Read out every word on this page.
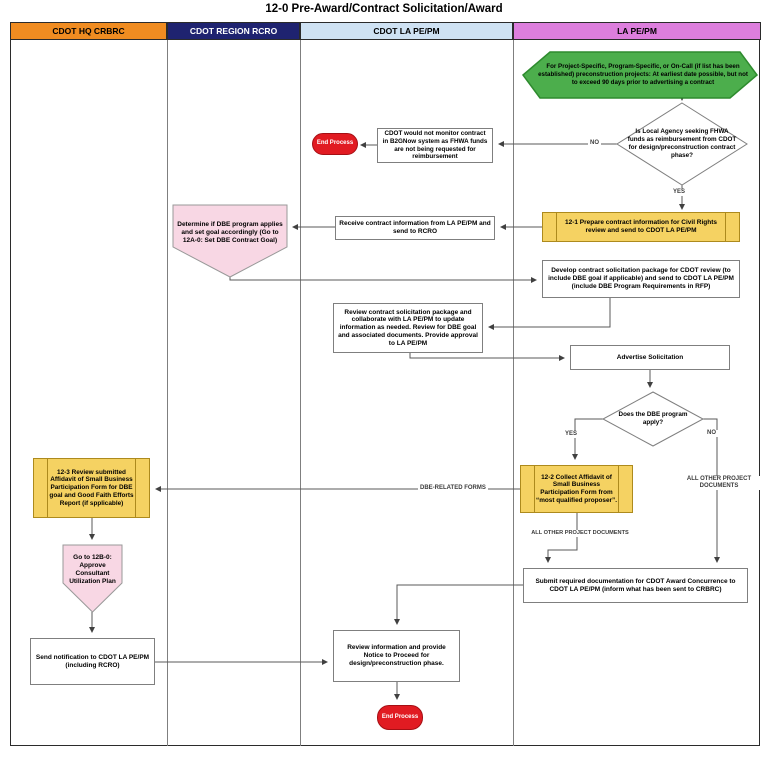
12-0 Pre-Award/Contract Solicitation/Award
CDOT HQ CRBRC	CDOT REGION RCRO	CDOT LA PE/PM	LA PE/PM
For Project-Specific, Program-Specific, or On-Call (if list has been established) preconstruction projects: At earliest date possible, but not to exceed 90 days prior to advertising a contract
Is Local Agency seeking FHWA funds as reimbursement from CDOT for design/preconstruction contract phase?
Does the DBE program apply?
Determine if DBE program applies and set goal accordingly (Go to 12A-0: Set DBE Contract Goal)
Go to 12B-0: Approve Consultant Utilization Plan
CDOT would not monitor contract in B2GNow system as FHWA funds are not being requested for reimbursement
End Process
12-1 Prepare contract information for Civil Rights review and send to CDOT LA PE/PM
Receive contract information from LA PE/PM and send to RCRO
Develop contract solicitation package for CDOT review (to include DBE goal if applicable) and send to CDOT LA PE/PM (include DBE Program Requirements in RFP)
Review contract solicitation package and collaborate with LA PE/PM to update information as needed. Review for DBE goal and associated documents. Provide approval to LA PE/PM
Advertise Solicitation
12-2 Collect Affidavit of Small Business Participation Form from “most qualified proposer”.
12-3 Review submitted Affidavit of Small Business Participation Form for DBE goal and Good Faith Efforts Report (if spplicable)
Send notification to CDOT LA PE/PM (including RCRO)
Submit required documentation for CDOT Award Concurrence to CDOT LA PE/PM (inform what has been sent to CRBRC)
Review information and provide Notice to Proceed for design/preconstruction phase.
End Process
NO
YES
YES	NO
DBE-RELATED FORMS
ALL OTHER PROJECT DOCUMENTS
ALL OTHER PROJECT DOCUMENTS
